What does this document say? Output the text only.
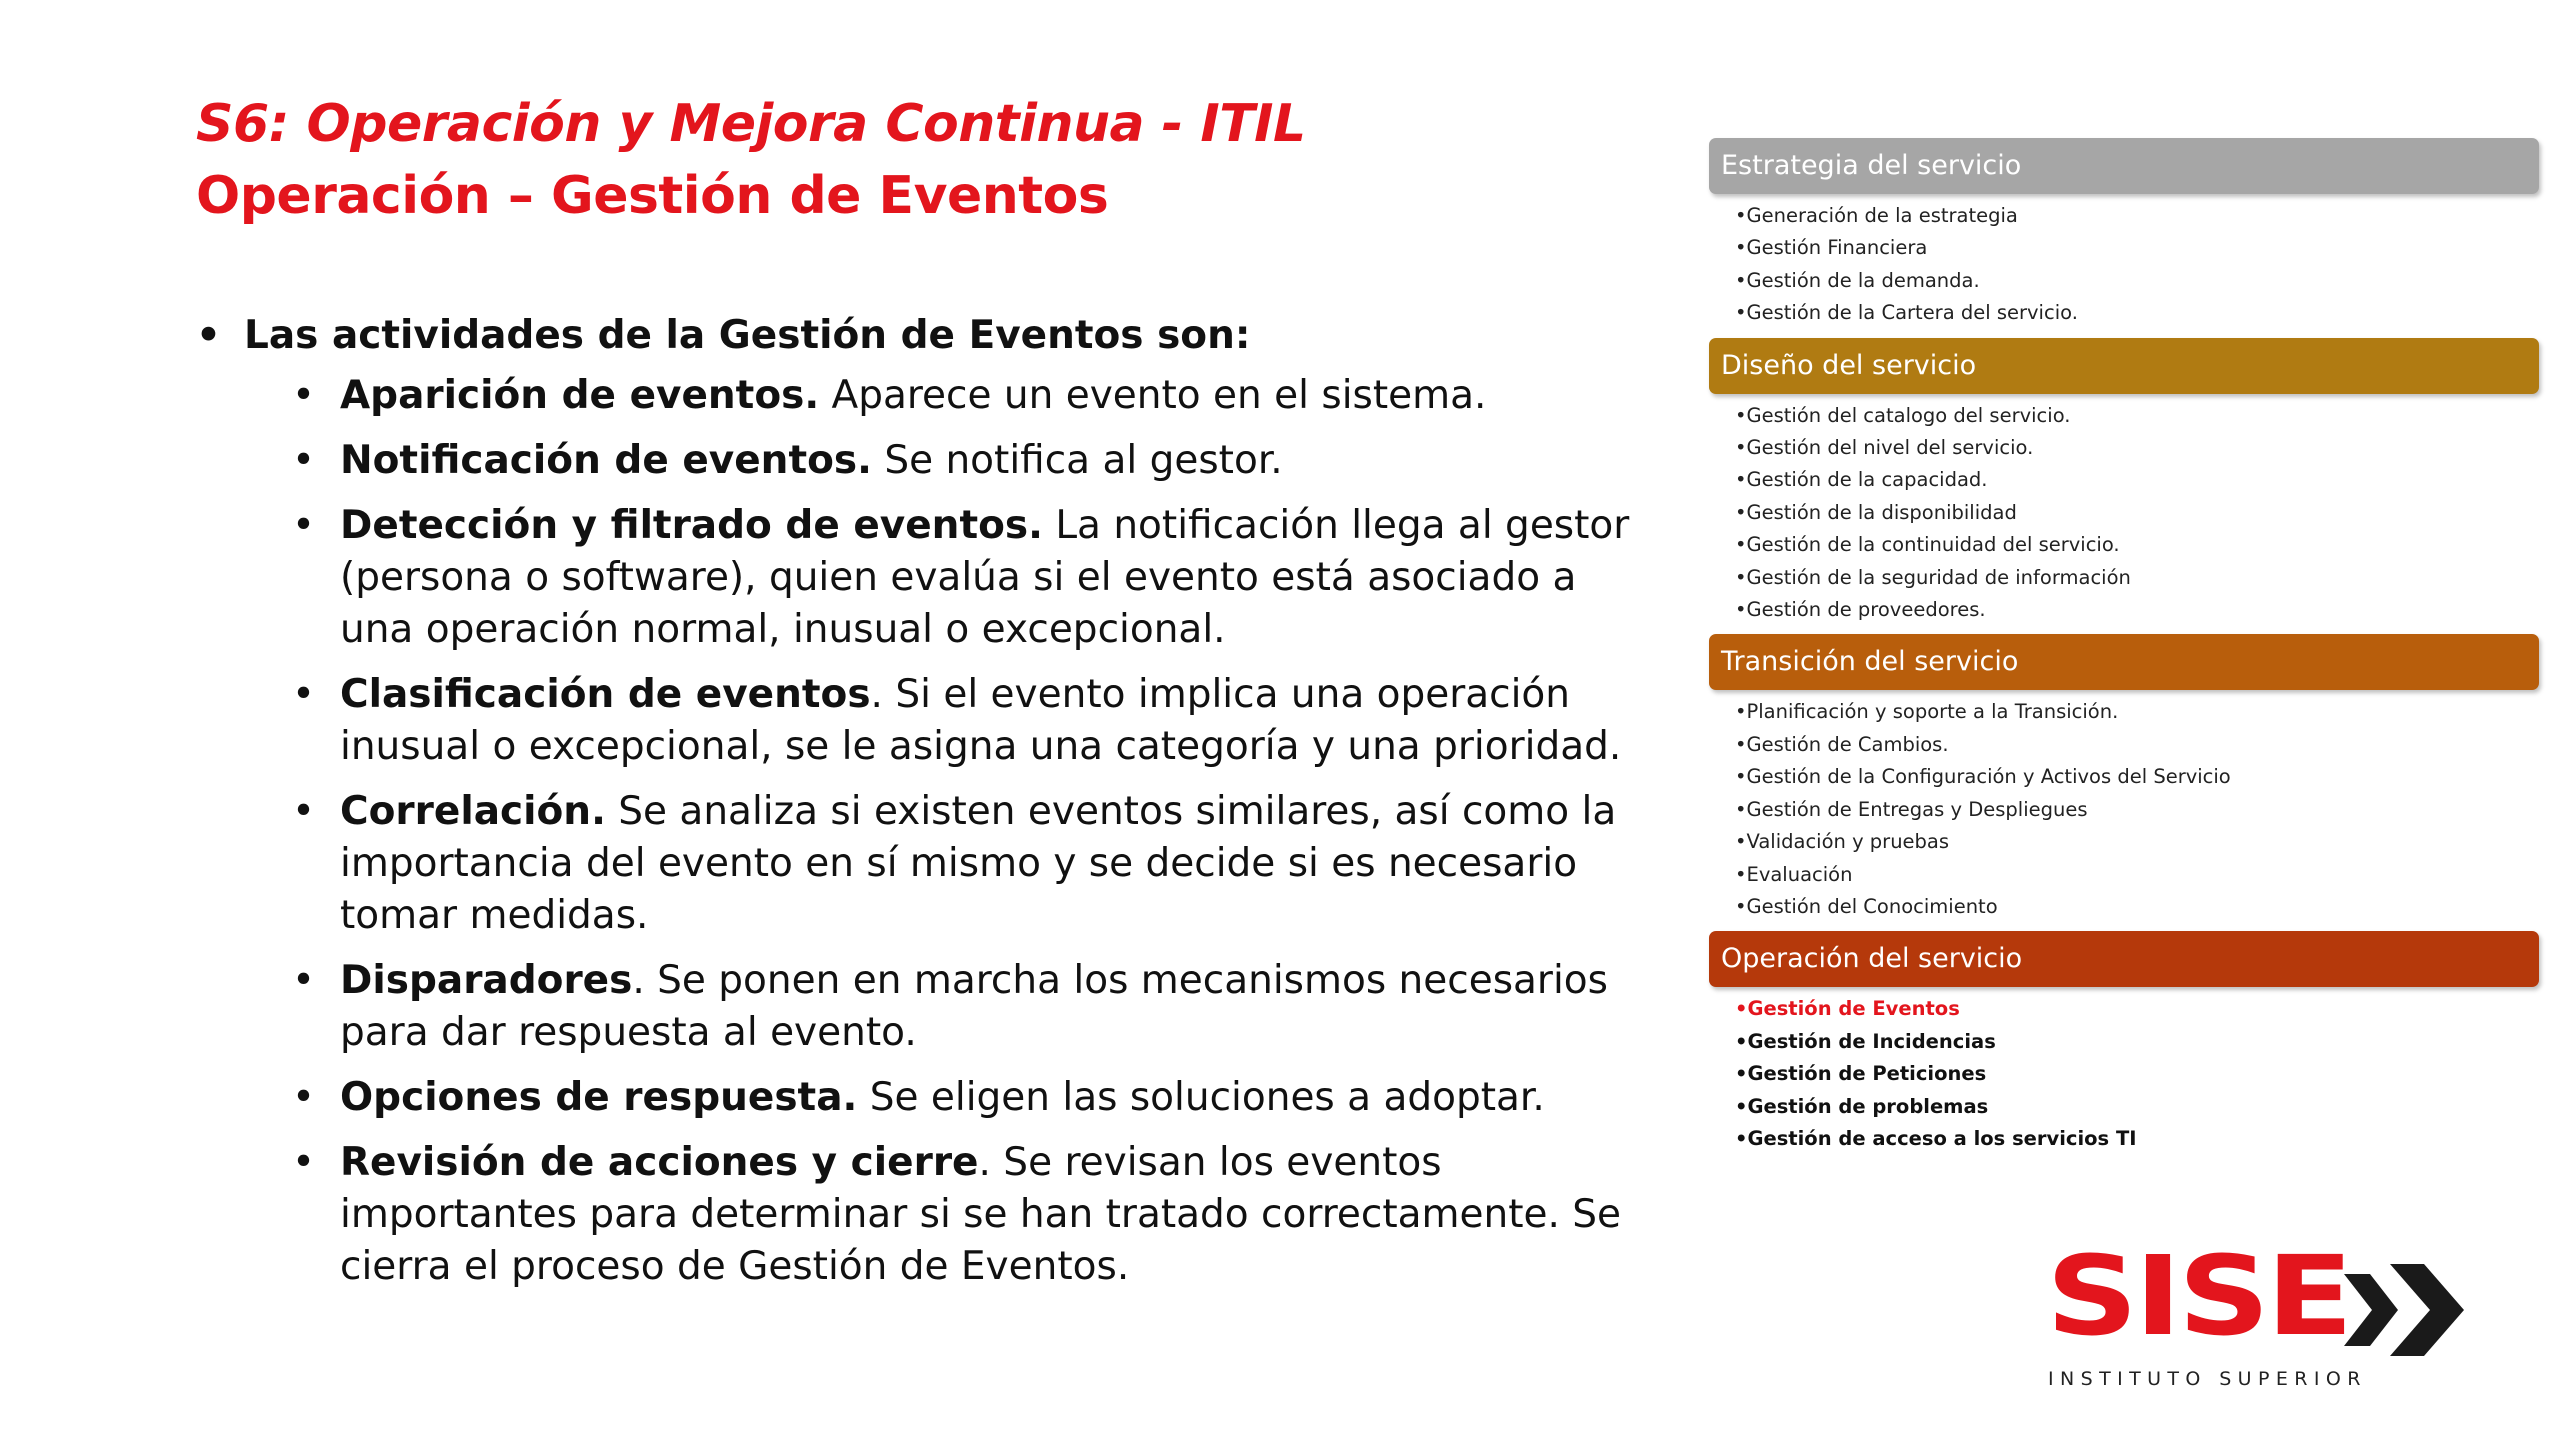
S6: Operación y Mejora Continua - ITIL
Operación – Gestión de Eventos
• Las actividades de la Gestión de Eventos son:
• Aparición de eventos. Aparece un evento en el sistema.
• Notificación de eventos. Se notifica al gestor.
• Detección y filtrado de eventos. La notificación llega al gestor (persona o software), quien evalúa si el evento está asociado a una operación normal, inusual o excepcional.
• Clasificación de eventos. Si el evento implica una operación inusual o excepcional, se le asigna una categoría y una prioridad.
• Correlación. Se analiza si existen eventos similares, así como la importancia del evento en sí mismo y se decide si es necesario tomar medidas.
• Disparadores. Se ponen en marcha los mecanismos necesarios para dar respuesta al evento.
• Opciones de respuesta. Se eligen las soluciones a adoptar.
• Revisión de acciones y cierre. Se revisan los eventos importantes para determinar si se han tratado correctamente. Se cierra el proceso de Gestión de Eventos.
Estrategia del servicio
•Generación de la estrategia
•Gestión Financiera
•Gestión de la demanda.
•Gestión de la Cartera del servicio.
Diseño del servicio
•Gestión del catalogo del servicio.
•Gestión del nivel del servicio.
•Gestión de la capacidad.
•Gestión de la disponibilidad
•Gestión de la continuidad del servicio.
•Gestión de la seguridad de información
•Gestión de proveedores.
Transición del servicio
•Planificación y soporte a la Transición.
•Gestión de Cambios.
•Gestión de la Configuración y Activos del Servicio
•Gestión de Entregas y Despliegues
•Validación y pruebas
•Evaluación
•Gestión del Conocimiento
Operación del servicio
•Gestión de Eventos
•Gestión de Incidencias
•Gestión de Peticiones
•Gestión de problemas
•Gestión de acceso a los servicios TI
SISE
INSTITUTO SUPERIOR
